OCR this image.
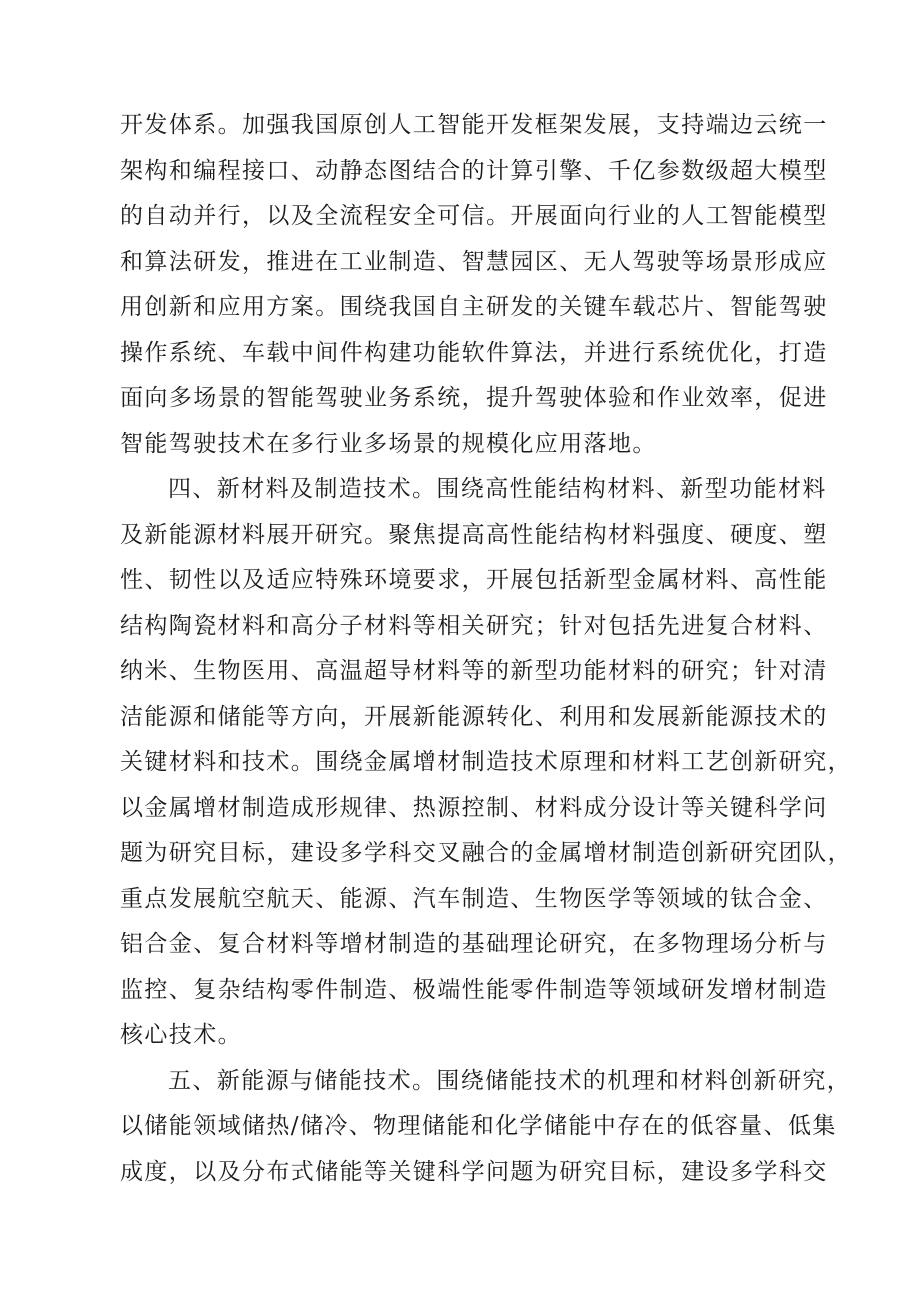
开发体系。加强我国原创人工智能开发框架发展，支持端边云统一
架构和编程接口、动静态图结合的计算引擎、千亿参数级超大模型
的自动并行，以及全流程安全可信。开展面向行业的人工智能模型
和算法研发，推进在工业制造、智慧园区、无人驾驶等场景形成应
用创新和应用方案。围绕我国自主研发的关键车载芯片、智能驾驶
操作系统、车载中间件构建功能软件算法，并进行系统优化，打造
面向多场景的智能驾驶业务系统，提升驾驶体验和作业效率，促进
智能驾驶技术在多行业多场景的规模化应用落地。
四、新材料及制造技术。围绕高性能结构材料、新型功能材料
及新能源材料展开研究。聚焦提高高性能结构材料强度、硬度、塑
性、韧性以及适应特殊环境要求，开展包括新型金属材料、高性能
结构陶瓷材料和高分子材料等相关研究；针对包括先进复合材料、
纳米、生物医用、高温超导材料等的新型功能材料的研究；针对清
洁能源和储能等方向，开展新能源转化、利用和发展新能源技术的
关键材料和技术。围绕金属增材制造技术原理和材料工艺创新研究，
以金属增材制造成形规律、热源控制、材料成分设计等关键科学问
题为研究目标，建设多学科交叉融合的金属增材制造创新研究团队，
重点发展航空航天、能源、汽车制造、生物医学等领域的钛合金、
铝合金、复合材料等增材制造的基础理论研究，在多物理场分析与
监控、复杂结构零件制造、极端性能零件制造等领域研发增材制造
核心技术。
五、新能源与储能技术。围绕储能技术的机理和材料创新研究，
以储能领域储热/储冷、物理储能和化学储能中存在的低容量、低集
成度，以及分布式储能等关键科学问题为研究目标，建设多学科交
